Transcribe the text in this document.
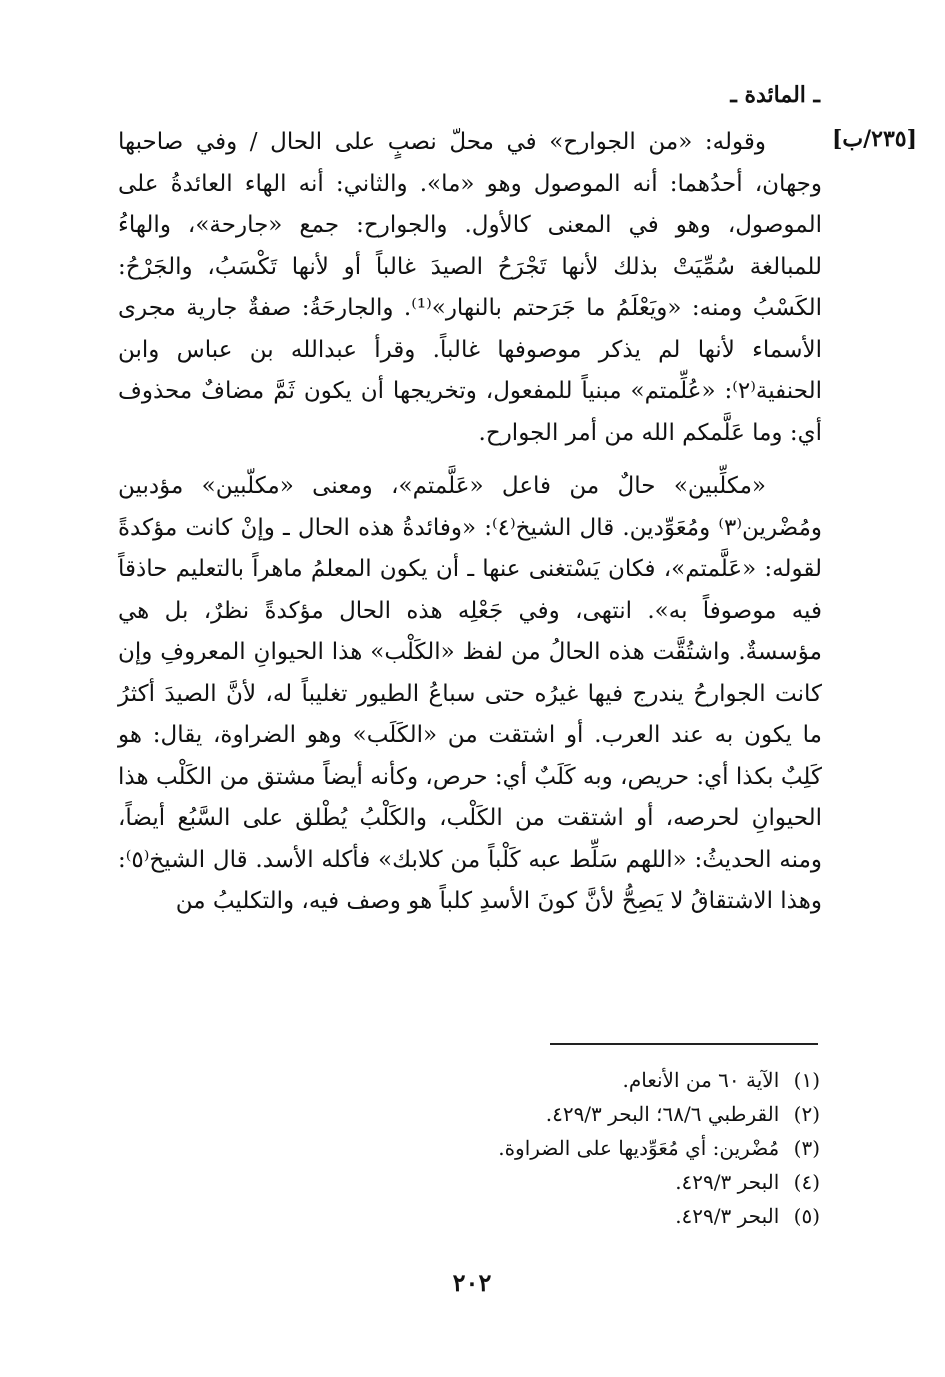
ـ المائدة ـ
[٢٣٥/ب]

وقوله: «من الجوارح» في محلّ نصبٍ على الحال / وفي صاحبها وجهان، أحدُهما: أنه الموصول وهو «ما». والثاني: أنه الهاء العائدةُ على الموصول، وهو في المعنى كالأول. والجوارح: جمع «جارحة»، والهاءُ للمبالغة سُمِّيَتْ بذلك لأنها تَجْرَحُ الصيدَ غالباً أو لأنها تَكْسَبُ، والجَرْحُ: الكَسْبُ ومنه: «ويَعْلَمُ ما جَرَحتم بالنهار»⁽¹⁾. والجارحَةُ: صفةٌ جارية مجرى الأسماء لأنها لم يذكر موصوفها غالباً. وقرأ عبدالله بن عباس وابن الحنفية⁽٢⁾: «عُلِّمتم» مبنياً للمفعول، وتخريجها أن يكون ثَمَّ مضافٌ محذوف أي: وما عَلَّمكم الله من أمر الجوارح.

«مكلِّبين» حالٌ من فاعل «عَلَّمتم»، ومعنى «مكلّبين» مؤدبين ومُضْرين⁽٣⁾ ومُعَوِّدين. قال الشيخ⁽٤⁾: «وفائدةُ هذه الحال ـ وإنْ كانت مؤكدةً لقوله: «عَلَّمتم»، فكان يَسْتغنى عنها ـ أن يكون المعلمُ ماهراً بالتعليم حاذقاً فيه موصوفاً به». انتهى، وفي جَعْلِه هذه الحال مؤكدةً نظرٌ، بل هي مؤسسةٌ. واشتُقَّت هذه الحالُ من لفظ «الكَلْب» هذا الحيوانِ المعروفِ وإن كانت الجوارحُ يندرج فيها غيرُه حتى سباعُ الطيور تغليباً له، لأنَّ الصيدَ أكثرُ ما يكون به عند العرب. أو اشتقت من «الكَلَب» وهو الضراوة، يقال: هو كَلِبٌ بكذا أي: حريص، وبه كَلَبٌ أي: حرص، وكأنه أيضاً مشتق من الكَلْب هذا الحيوانِ لحرصه، أو اشتقت من الكَلْب، والكَلْبُ يُطْلق على السَّبُع أيضاً، ومنه الحديثُ: «اللهم سَلِّط عبه كَلْباً من كلابك» فأكله الأسد. قال الشيخ⁽٥⁾: وهذا الاشتقاقُ لا يَصِحُّ لأنَّ كونَ الأسدِ كلباً هو وصف فيه، والتكليبُ من

(١) الآية ٦٠ من الأنعام.
(٢) القرطبي ٦٨/٦؛ البحر ٤٢٩/٣.
(٣) مُضْرين: أي مُعَوِّديها على الضراوة.
(٤) البحر ٤٢٩/٣.
(٥) البحر ٤٢٩/٣.
٢٠٢
